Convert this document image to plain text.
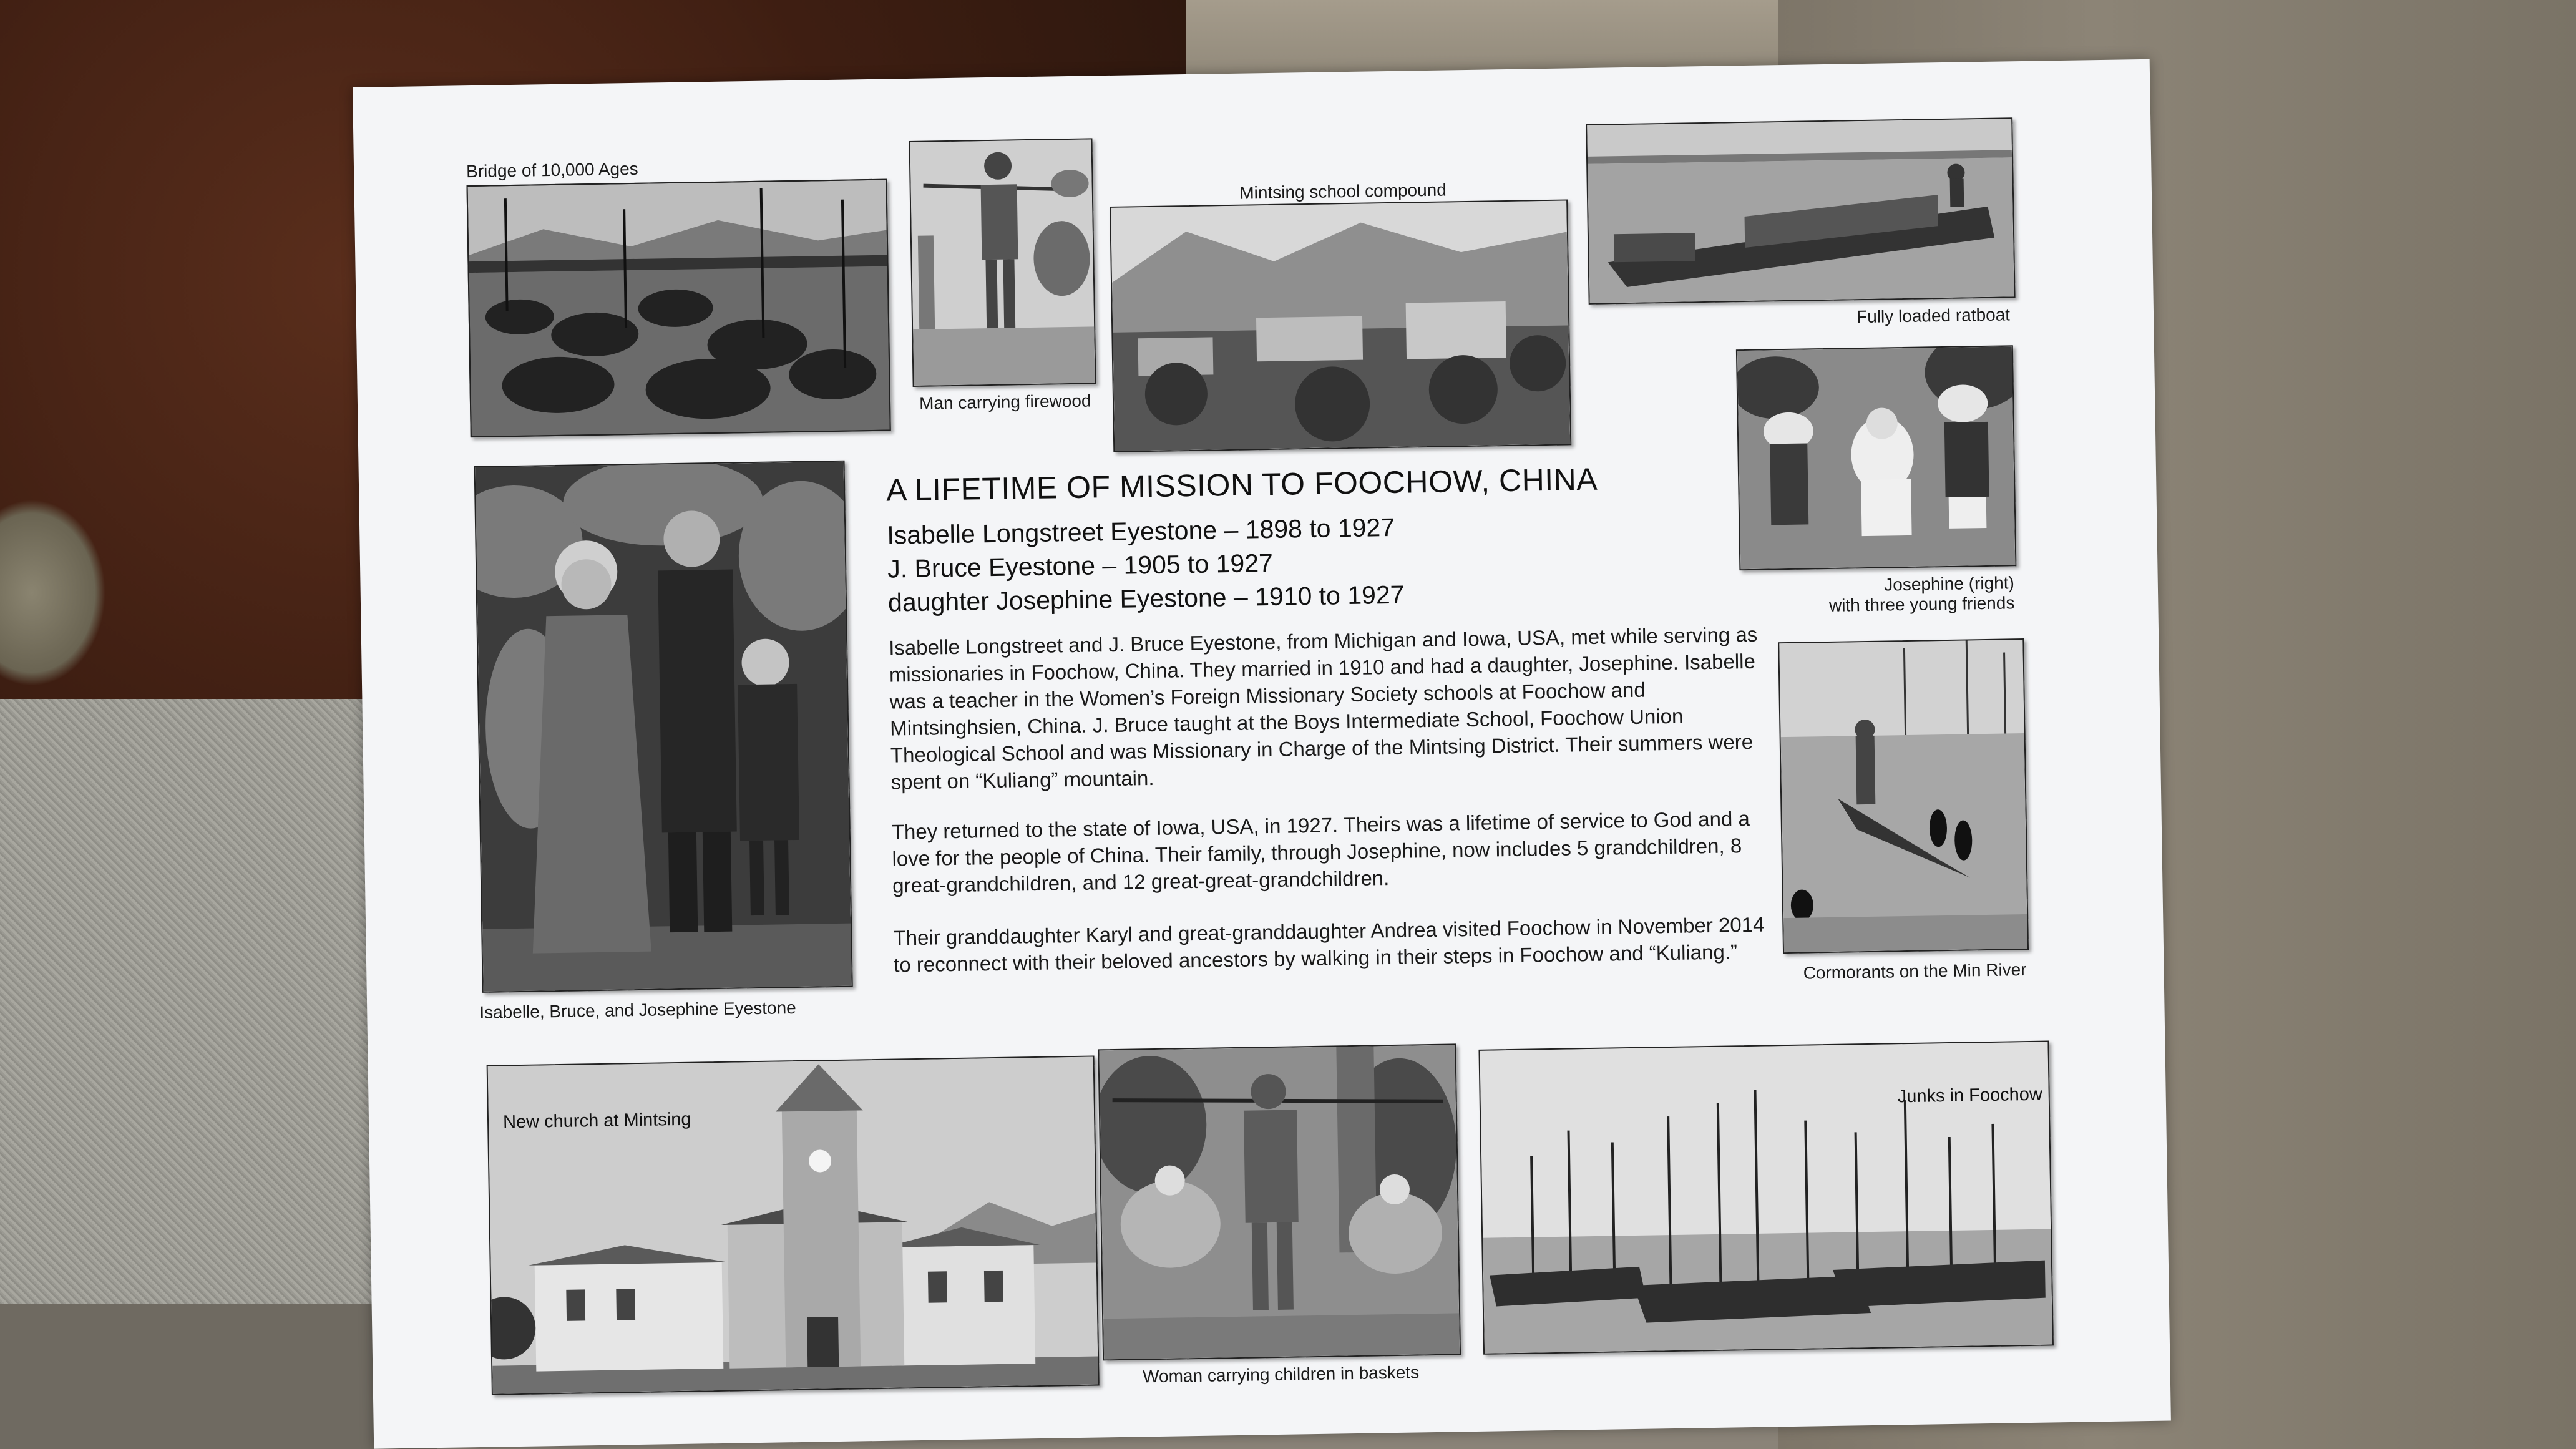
Bridge of 10,000 Ages
Man carrying firewood
Mintsing school compound
Fully loaded ratboat
Josephine (right)
with three young friends
Cormorants on the Min River
Isabelle, Bruce, and Josephine Eyestone
A LIFETIME OF MISSION TO FOOCHOW, CHINA
Isabelle Longstreet Eyestone – 1898 to 1927
J. Bruce Eyestone – 1905 to 1927
daughter Josephine Eyestone – 1910 to 1927

Isabelle Longstreet and J. Bruce Eyestone, from Michigan and Iowa, USA, met while serving as missionaries in Foochow, China. They married in 1910 and had a daughter, Josephine. Isabelle was a teacher in the Women’s Foreign Missionary Society schools at Foochow and Mintsinghsien, China. J. Bruce taught at the Boys Intermediate School, Foochow Union Theological School and was Missionary in Charge of the Mintsing District. Their summers were spent on “Kuliang” mountain.

They returned to the state of Iowa, USA, in 1927. Theirs was a lifetime of service to God and a love for the people of China. Their family, through Josephine, now includes 5 grandchildren, 8 great-grandchildren, and 12 great-great-grandchildren.

Their granddaughter Karyl and great-granddaughter Andrea visited Foochow in November 2014 to reconnect with their beloved ancestors by walking in their steps in Foochow and “Kuliang.”

New church at Mintsing
Woman carrying children in baskets
Junks in Foochow
